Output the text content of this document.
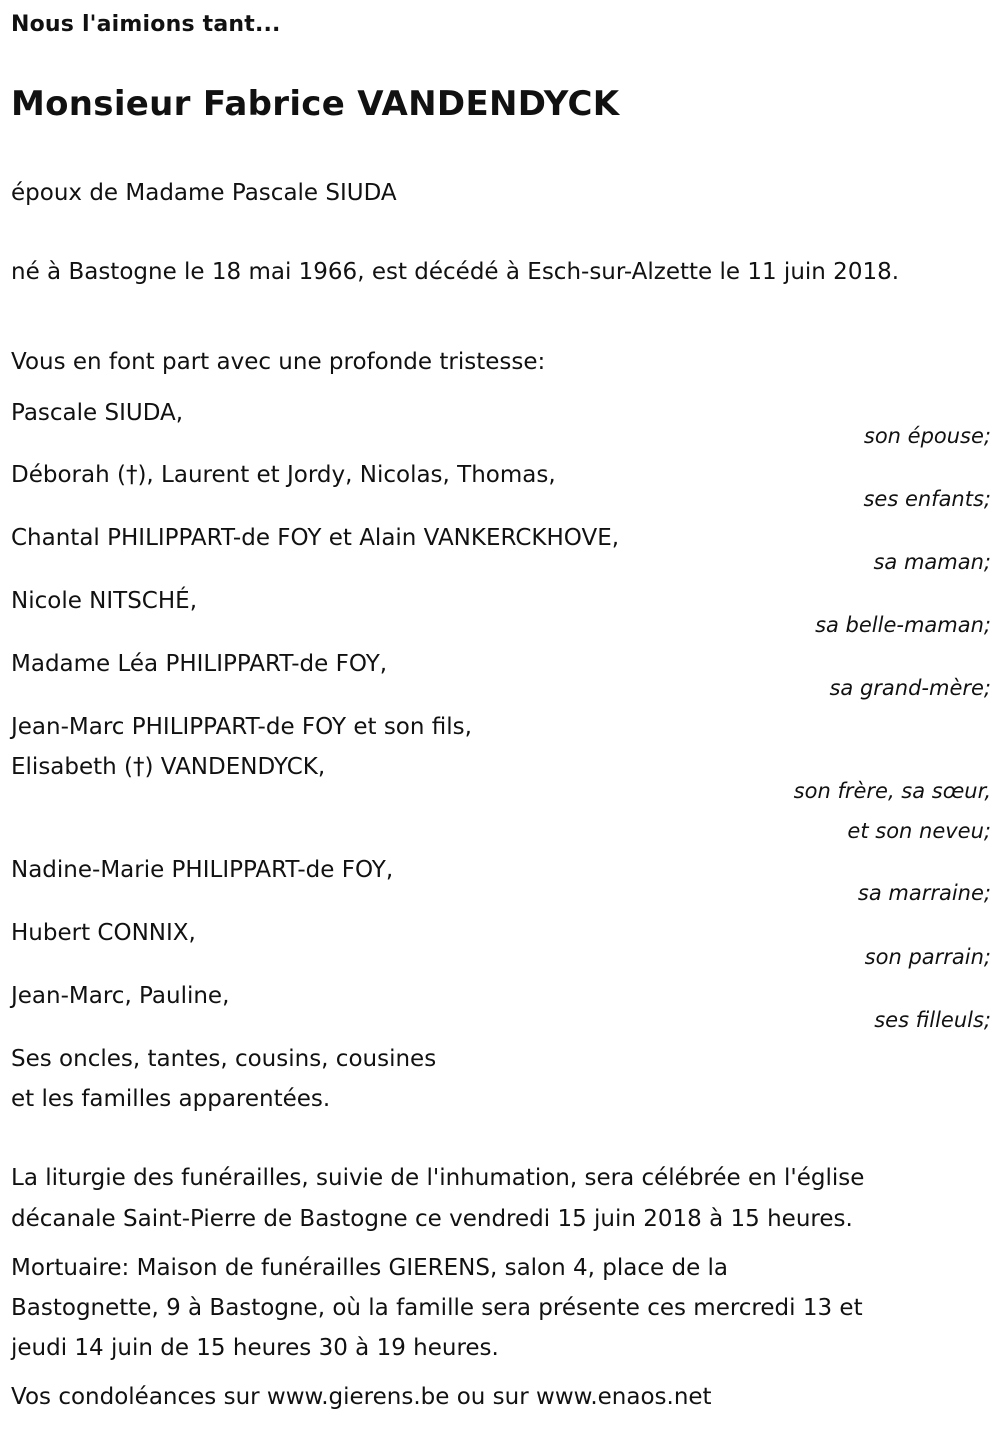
Nous l'aimions tant...
Monsieur Fabrice VANDENDYCK
époux de Madame Pascale SIUDA
né à Bastogne le 18 mai 1966, est décédé à Esch-sur-Alzette le 11 juin 2018.
Vous en font part avec une profonde tristesse:
Pascale SIUDA,
son épouse;
Déborah (†), Laurent et Jordy, Nicolas, Thomas,
ses enfants;
Chantal PHILIPPART-de FOY et Alain VANKERCKHOVE,
sa maman;
Nicole NITSCHÉ,
sa belle-maman;
Madame Léa PHILIPPART-de FOY,
sa grand-mère;
Jean-Marc PHILIPPART-de FOY et son fils,
Elisabeth (†) VANDENDYCK,
son frère, sa sœur,
et son neveu;
Nadine-Marie PHILIPPART-de FOY,
sa marraine;
Hubert CONNIX,
son parrain;
Jean-Marc, Pauline,
ses filleuls;
Ses oncles, tantes, cousins, cousines
et les familles apparentées.
La liturgie des funérailles, suivie de l'inhumation, sera célébrée en l'église
décanale Saint-Pierre de Bastogne ce vendredi 15 juin 2018 à 15 heures.
Mortuaire: Maison de funérailles GIERENS, salon 4, place de la
Bastognette, 9 à Bastogne, où la famille sera présente ces mercredi 13 et
jeudi 14 juin de 15 heures 30 à 19 heures.
Vos condoléances sur www.gierens.be ou sur www.enaos.net
